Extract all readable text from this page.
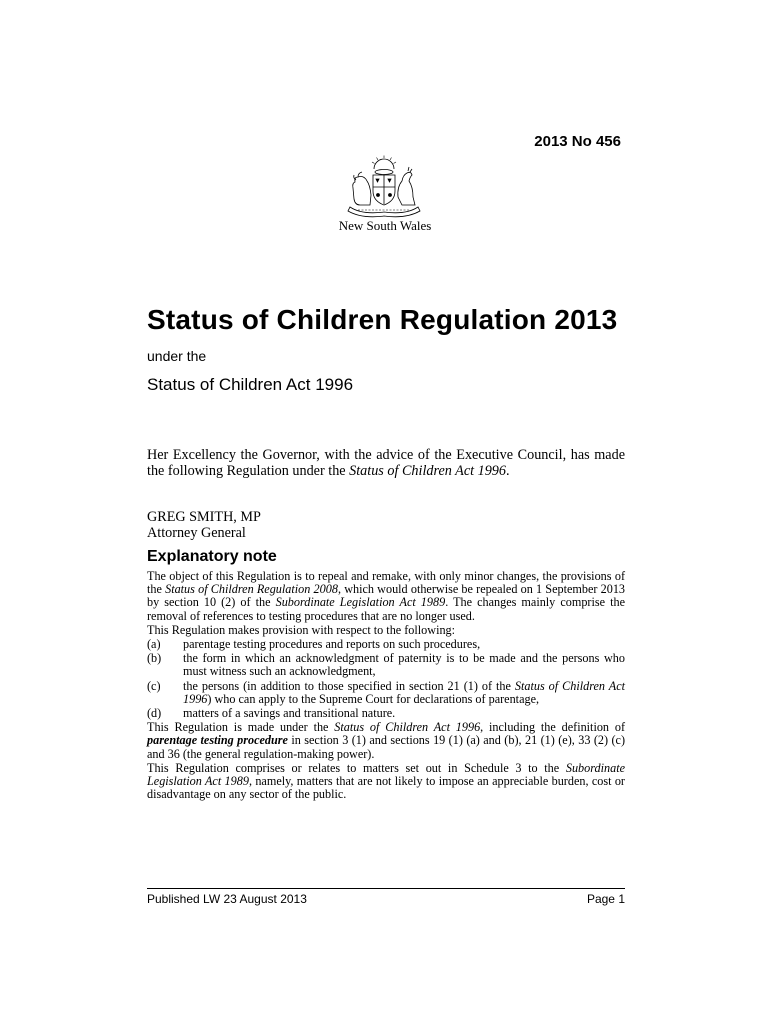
2013 No 456
New South Wales
Status of Children Regulation 2013
under the
Status of Children Act 1996
Her Excellency the Governor, with the advice of the Executive Council, has made the following Regulation under the Status of Children Act 1996.
GREG SMITH, MP
Attorney General
Explanatory note

The object of this Regulation is to repeal and remake, with only minor changes, the provisions of the Status of Children Regulation 2008, which would otherwise be repealed on 1 September 2013 by section 10 (2) of the Subordinate Legislation Act 1989. The changes mainly comprise the removal of references to testing procedures that are no longer used.

This Regulation makes provision with respect to the following:

(a)	parentage testing procedures and reports on such procedures,
(b)	the form in which an acknowledgment of paternity is to be made and the persons who must witness such an acknowledgment,
(c)	the persons (in addition to those specified in section 21 (1) of the Status of Children Act 1996) who can apply to the Supreme Court for declarations of parentage,
(d)	matters of a savings and transitional nature.

This Regulation is made under the Status of Children Act 1996, including the definition of parentage testing procedure in section 3 (1) and sections 19 (1) (a) and (b), 21 (1) (e), 33 (2) (c) and 36 (the general regulation-making power).

This Regulation comprises or relates to matters set out in Schedule 3 to the Subordinate Legislation Act 1989, namely, matters that are not likely to impose an appreciable burden, cost or disadvantage on any sector of the public.

Published LW 23 August 2013	Page 1
